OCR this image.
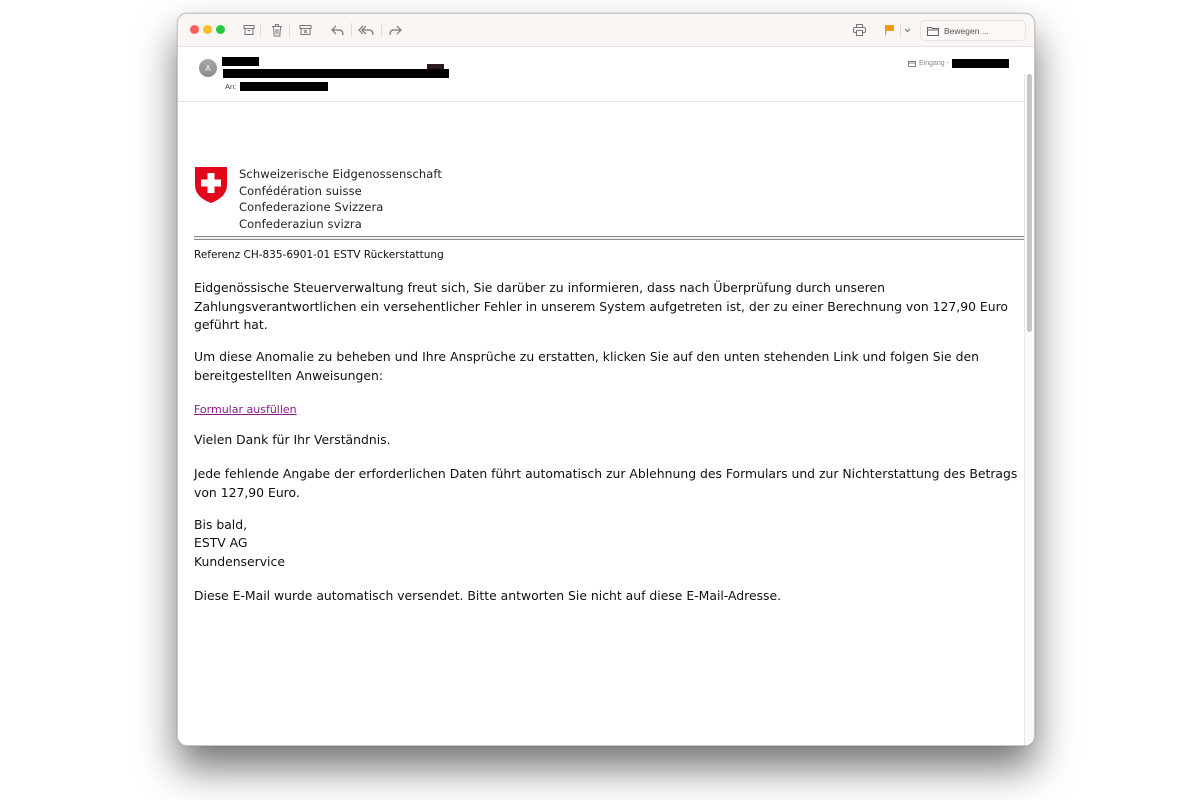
Bewegen ...
A
An:
Eingang -
Schweizerische Eidgenossenschaft
Confédération suisse
Confederazione Svizzera
Confederaziun svizra
Referenz CH-835-6901-01 ESTV Rückerstattung
Eidgenössische Steuerverwaltung freut sich, Sie darüber zu informieren, dass nach Überprüfung durch unseren Zahlungsverantwortlichen ein versehentlicher Fehler in unserem System aufgetreten ist, der zu einer Berechnung von 127,90 Euro geführt hat.
Um diese Anomalie zu beheben und Ihre Ansprüche zu erstatten, klicken Sie auf den unten stehenden Link und folgen Sie den bereitgestellten Anweisungen:
Formular ausfüllen
Vielen Dank für Ihr Verständnis.
Jede fehlende Angabe der erforderlichen Daten führt automatisch zur Ablehnung des Formulars und zur Nichterstattung des Betrags von 127,90 Euro.
Bis bald,
ESTV AG
Kundenservice
Diese E-Mail wurde automatisch versendet. Bitte antworten Sie nicht auf diese E-Mail-Adresse.
